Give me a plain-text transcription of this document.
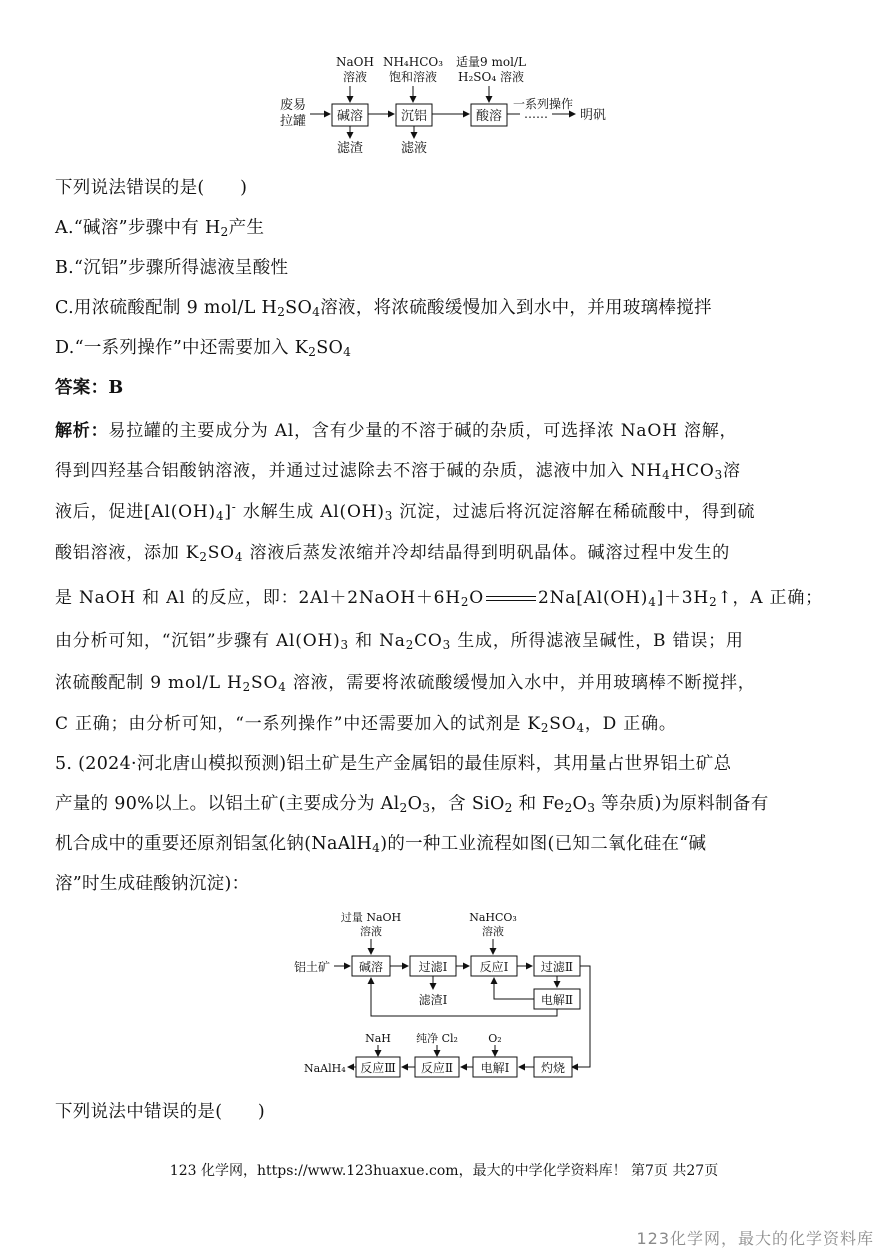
NaOH
溶液
NH₄HCO₃
饱和溶液
适量9 mol/L
H₂SO₄ 溶液
废易
拉罐 碱溶	沉铝	酸溶
一系列操作
…… 明矾
滤渣	滤液
下列说法错误的是(　　)
A.“碱溶”步骤中有 $H_2$产生
B.“沉铝”步骤所得滤液呈酸性
C.用浓硫酸配制 9 mol/L $H_2SO_4$溶液，将浓硫酸缓慢加入到水中，并用玻璃棒搅拌
D.“一系列操作”中还需要加入 $K_2SO_4$
答案：B
解析：易拉罐的主要成分为 Al，含有少量的不溶于碱的杂质，可选择浓 NaOH 溶解，
得到四羟基合铝酸钠溶液，并通过过滤除去不溶于碱的杂质，滤液中加入 $NH_4HCO_3$溶
液后，促进$[Al(OH)_4]^-$ 水解生成 $Al(OH)_3$ 沉淀，过滤后将沉淀溶解在稀硫酸中，得到硫
酸铝溶液，添加 $K_2SO_4$ 溶液后蒸发浓缩并冷却结晶得到明矾晶体。碱溶过程中发生的
是 NaOH 和 Al 的反应，即：$2Al+2NaOH+6H_2O$	$2Na[Al(OH)_4]+3H_2↑$，A 正确；
由分析可知，“沉铝”步骤有 $Al(OH)_3$ 和 $Na_2CO_3$ 生成，所得滤液呈碱性，B 错误；用
浓硫酸配制 9 mol/L $H_2SO_4$ 溶液，需要将浓硫酸缓慢加入水中，并用玻璃棒不断搅拌，
C 正确；由分析可知，“一系列操作”中还需要加入的试剂是 $K_2SO_4$，D 正确。
5. (2024·河北唐山模拟预测)铝土矿是生产金属铝的最佳原料，其用量占世界铝土矿总
产量的 90%以上。以铝土矿(主要成分为 $Al_2O_3$，含 SiO$_2$ 和 $Fe_2O_3$ 等杂质)为原料制备有
机合成中的重要还原剂铝氢化钠(NaAlH$_4$)的一种工业流程如图(已知二氧化硅在“碱
溶”时生成硅酸钠沉淀)：
过量 NaOH
溶液
NaHCO₃
溶液
铝土矿 碱溶	过滤Ⅰ	反应Ⅰ	过滤Ⅱ
滤渣Ⅰ	电解Ⅱ
灼烧
电解Ⅰ
反应Ⅱ
反应Ⅲ
NaAlH₄
O₂
纯净 Cl₂
NaH
下列说法中错误的是(　　)
123 化学网，https://www.123huaxue.com，最大的中学化学资料库！ 第7页 共27页
123化学网，最大的化学资料库
